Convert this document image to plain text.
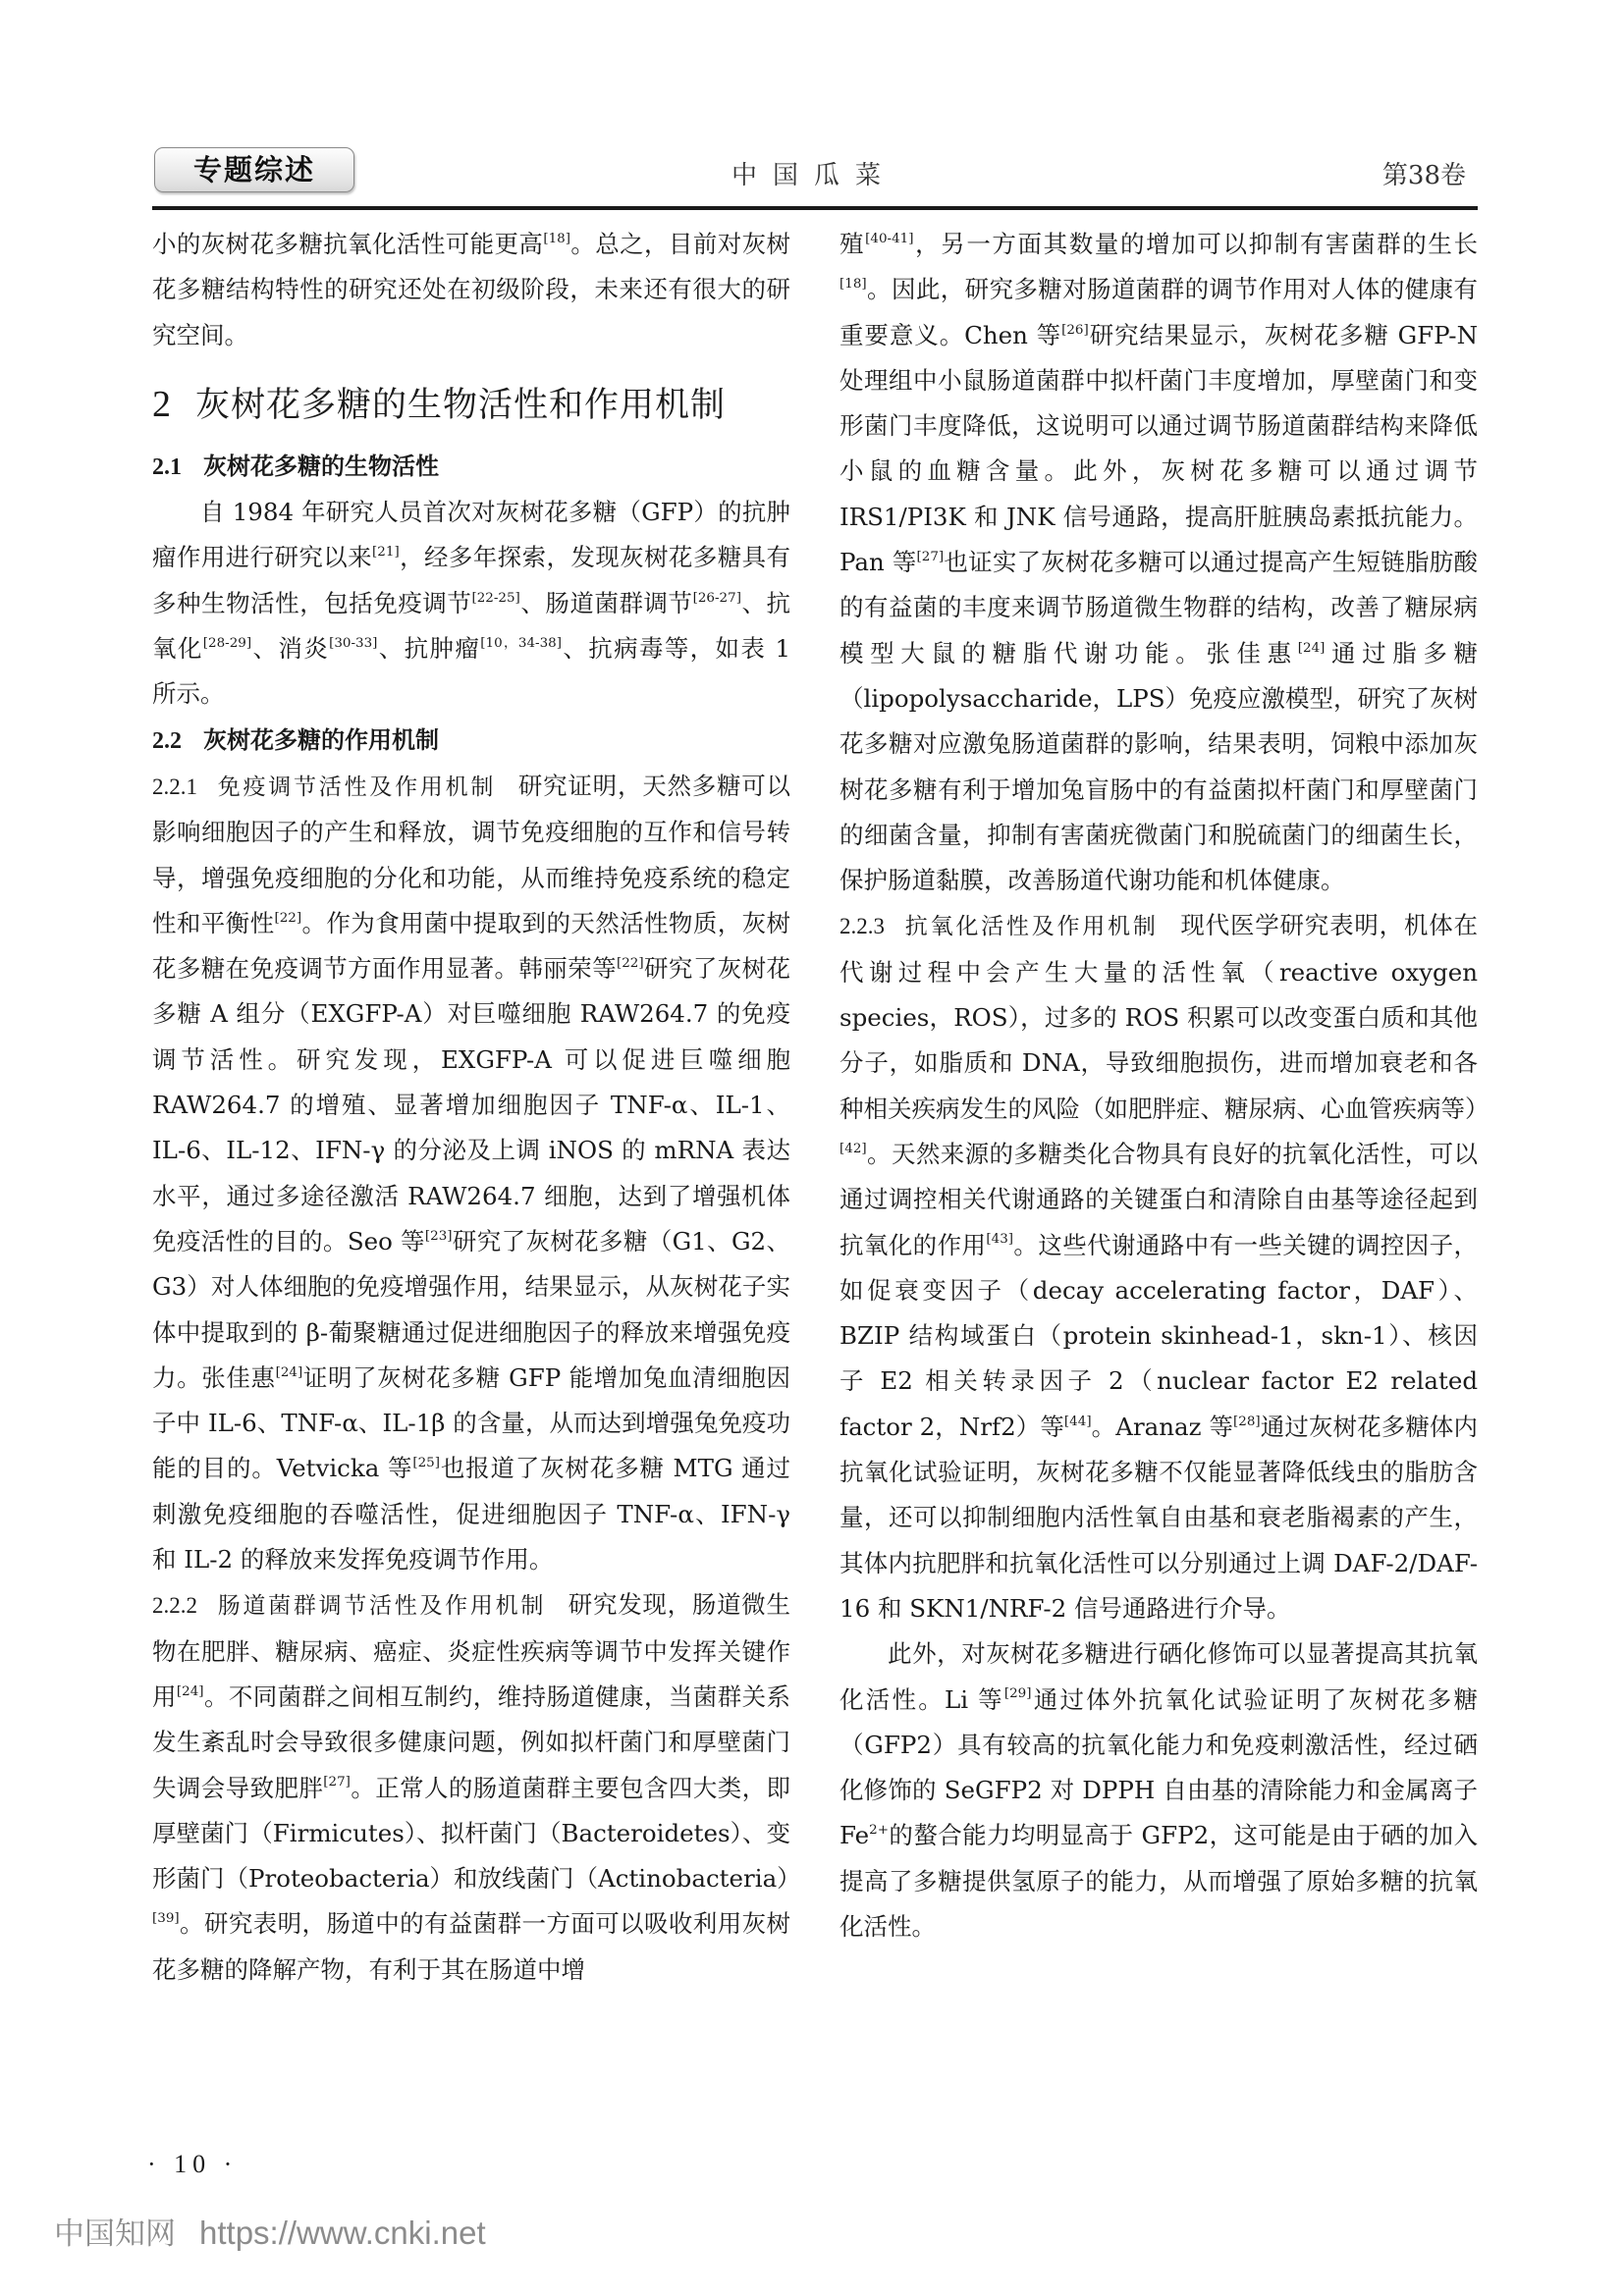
专题综述	中国瓜菜	第38卷

小的灰树花多糖抗氧化活性可能更高[18]。总之，目前对灰树花多糖结构特性的研究还处在初级阶段，未来还有很大的研究空间。

2 灰树花多糖的生物活性和作用机制

2.1 灰树花多糖的生物活性

自 1984 年研究人员首次对灰树花多糖（GFP）的抗肿瘤作用进行研究以来[21]，经多年探索，发现灰树花多糖具有多种生物活性，包括免疫调节[22-25]、肠道菌群调节[26-27]、抗氧化[28-29]、消炎[30-33]、抗肿瘤[10，34-38]、抗病毒等，如表 1 所示。

2.2 灰树花多糖的作用机制

2.2.1 免疫调节活性及作用机制 研究证明，天然多糖可以影响细胞因子的产生和释放，调节免疫细胞的互作和信号转导，增强免疫细胞的分化和功能，从而维持免疫系统的稳定性和平衡性[22]。作为食用菌中提取到的天然活性物质，灰树花多糖在免疫调节方面作用显著。韩丽荣等[22]研究了灰树花多糖 A 组分（EXGFP-A）对巨噬细胞 RAW264.7 的免疫调节活性。研究发现，EXGFP-A 可以促进巨噬细胞 RAW264.7 的增殖、显著增加细胞因子 TNF-α、IL-1、IL-6、IL-12、IFN-γ 的分泌及上调 iNOS 的 mRNA 表达水平，通过多途径激活 RAW264.7 细胞，达到了增强机体免疫活性的目的。Seo 等[23]研究了灰树花多糖（G1、G2、G3）对人体细胞的免疫增强作用，结果显示，从灰树花子实体中提取到的 β-葡聚糖通过促进细胞因子的释放来增强免疫力。张佳惠[24]证明了灰树花多糖 GFP 能增加兔血清细胞因子中 IL-6、TNF-α、IL-1β 的含量，从而达到增强兔免疫功能的目的。Vetvicka 等[25]也报道了灰树花多糖 MTG 通过刺激免疫细胞的吞噬活性，促进细胞因子 TNF-α、IFN-γ 和 IL-2 的释放来发挥免疫调节作用。

2.2.2 肠道菌群调节活性及作用机制 研究发现，肠道微生物在肥胖、糖尿病、癌症、炎症性疾病等调节中发挥关键作用[24]。不同菌群之间相互制约，维持肠道健康，当菌群关系发生紊乱时会导致很多健康问题，例如拟杆菌门和厚壁菌门失调会导致肥胖[27]。正常人的肠道菌群主要包含四大类，即厚壁菌门（Firmicutes）、拟杆菌门（Bacteroidetes）、变形菌门（Proteobacteria）和放线菌门（Actinobacteria）[39]。研究表明，肠道中的有益菌群一方面可以吸收利用灰树花多糖的降解产物，有利于其在肠道中增

殖[40-41]，另一方面其数量的增加可以抑制有害菌群的生长[18]。因此，研究多糖对肠道菌群的调节作用对人体的健康有重要意义。Chen 等[26]研究结果显示，灰树花多糖 GFP-N 处理组中小鼠肠道菌群中拟杆菌门丰度增加，厚壁菌门和变形菌门丰度降低，这说明可以通过调节肠道菌群结构来降低小鼠的血糖含量。此外，灰树花多糖可以通过调节 IRS1/PI3K 和 JNK 信号通路，提高肝脏胰岛素抵抗能力。Pan 等[27]也证实了灰树花多糖可以通过提高产生短链脂肪酸的有益菌的丰度来调节肠道微生物群的结构，改善了糖尿病模型大鼠的糖脂代谢功能。张佳惠[24]通过脂多糖（lipopolysaccharide，LPS）免疫应激模型，研究了灰树花多糖对应激兔肠道菌群的影响，结果表明，饲粮中添加灰树花多糖有利于增加兔盲肠中的有益菌拟杆菌门和厚壁菌门的细菌含量，抑制有害菌疣微菌门和脱硫菌门的细菌生长，保护肠道黏膜，改善肠道代谢功能和机体健康。

2.2.3 抗氧化活性及作用机制 现代医学研究表明，机体在代谢过程中会产生大量的活性氧（reactive oxygen species，ROS），过多的 ROS 积累可以改变蛋白质和其他分子，如脂质和 DNA，导致细胞损伤，进而增加衰老和各种相关疾病发生的风险（如肥胖症、糖尿病、心血管疾病等）[42]。天然来源的多糖类化合物具有良好的抗氧化活性，可以通过调控相关代谢通路的关键蛋白和清除自由基等途径起到抗氧化的作用[43]。这些代谢通路中有一些关键的调控因子，如促衰变因子（decay accelerating factor，DAF）、BZIP 结构域蛋白（protein skinhead-1，skn-1）、核因子 E2 相关转录因子 2（nuclear factor E2 related factor 2，Nrf2）等[44]。Aranaz 等[28]通过灰树花多糖体内抗氧化试验证明，灰树花多糖不仅能显著降低线虫的脂肪含量，还可以抑制细胞内活性氧自由基和衰老脂褐素的产生，其体内抗肥胖和抗氧化活性可以分别通过上调 DAF-2/DAF-16 和 SKN1/NRF-2 信号通路进行介导。

此外，对灰树花多糖进行硒化修饰可以显著提高其抗氧化活性。Li 等[29]通过体外抗氧化试验证明了灰树花多糖（GFP2）具有较高的抗氧化能力和免疫刺激活性，经过硒化修饰的 SeGFP2 对 DPPH 自由基的清除能力和金属离子 $Fe^{2+}$的螯合能力均明显高于 GFP2，这可能是由于硒的加入提高了多糖提供氢原子的能力，从而增强了原始多糖的抗氧化活性。

· 10 ·
中国知网 https://www.cnki.net
